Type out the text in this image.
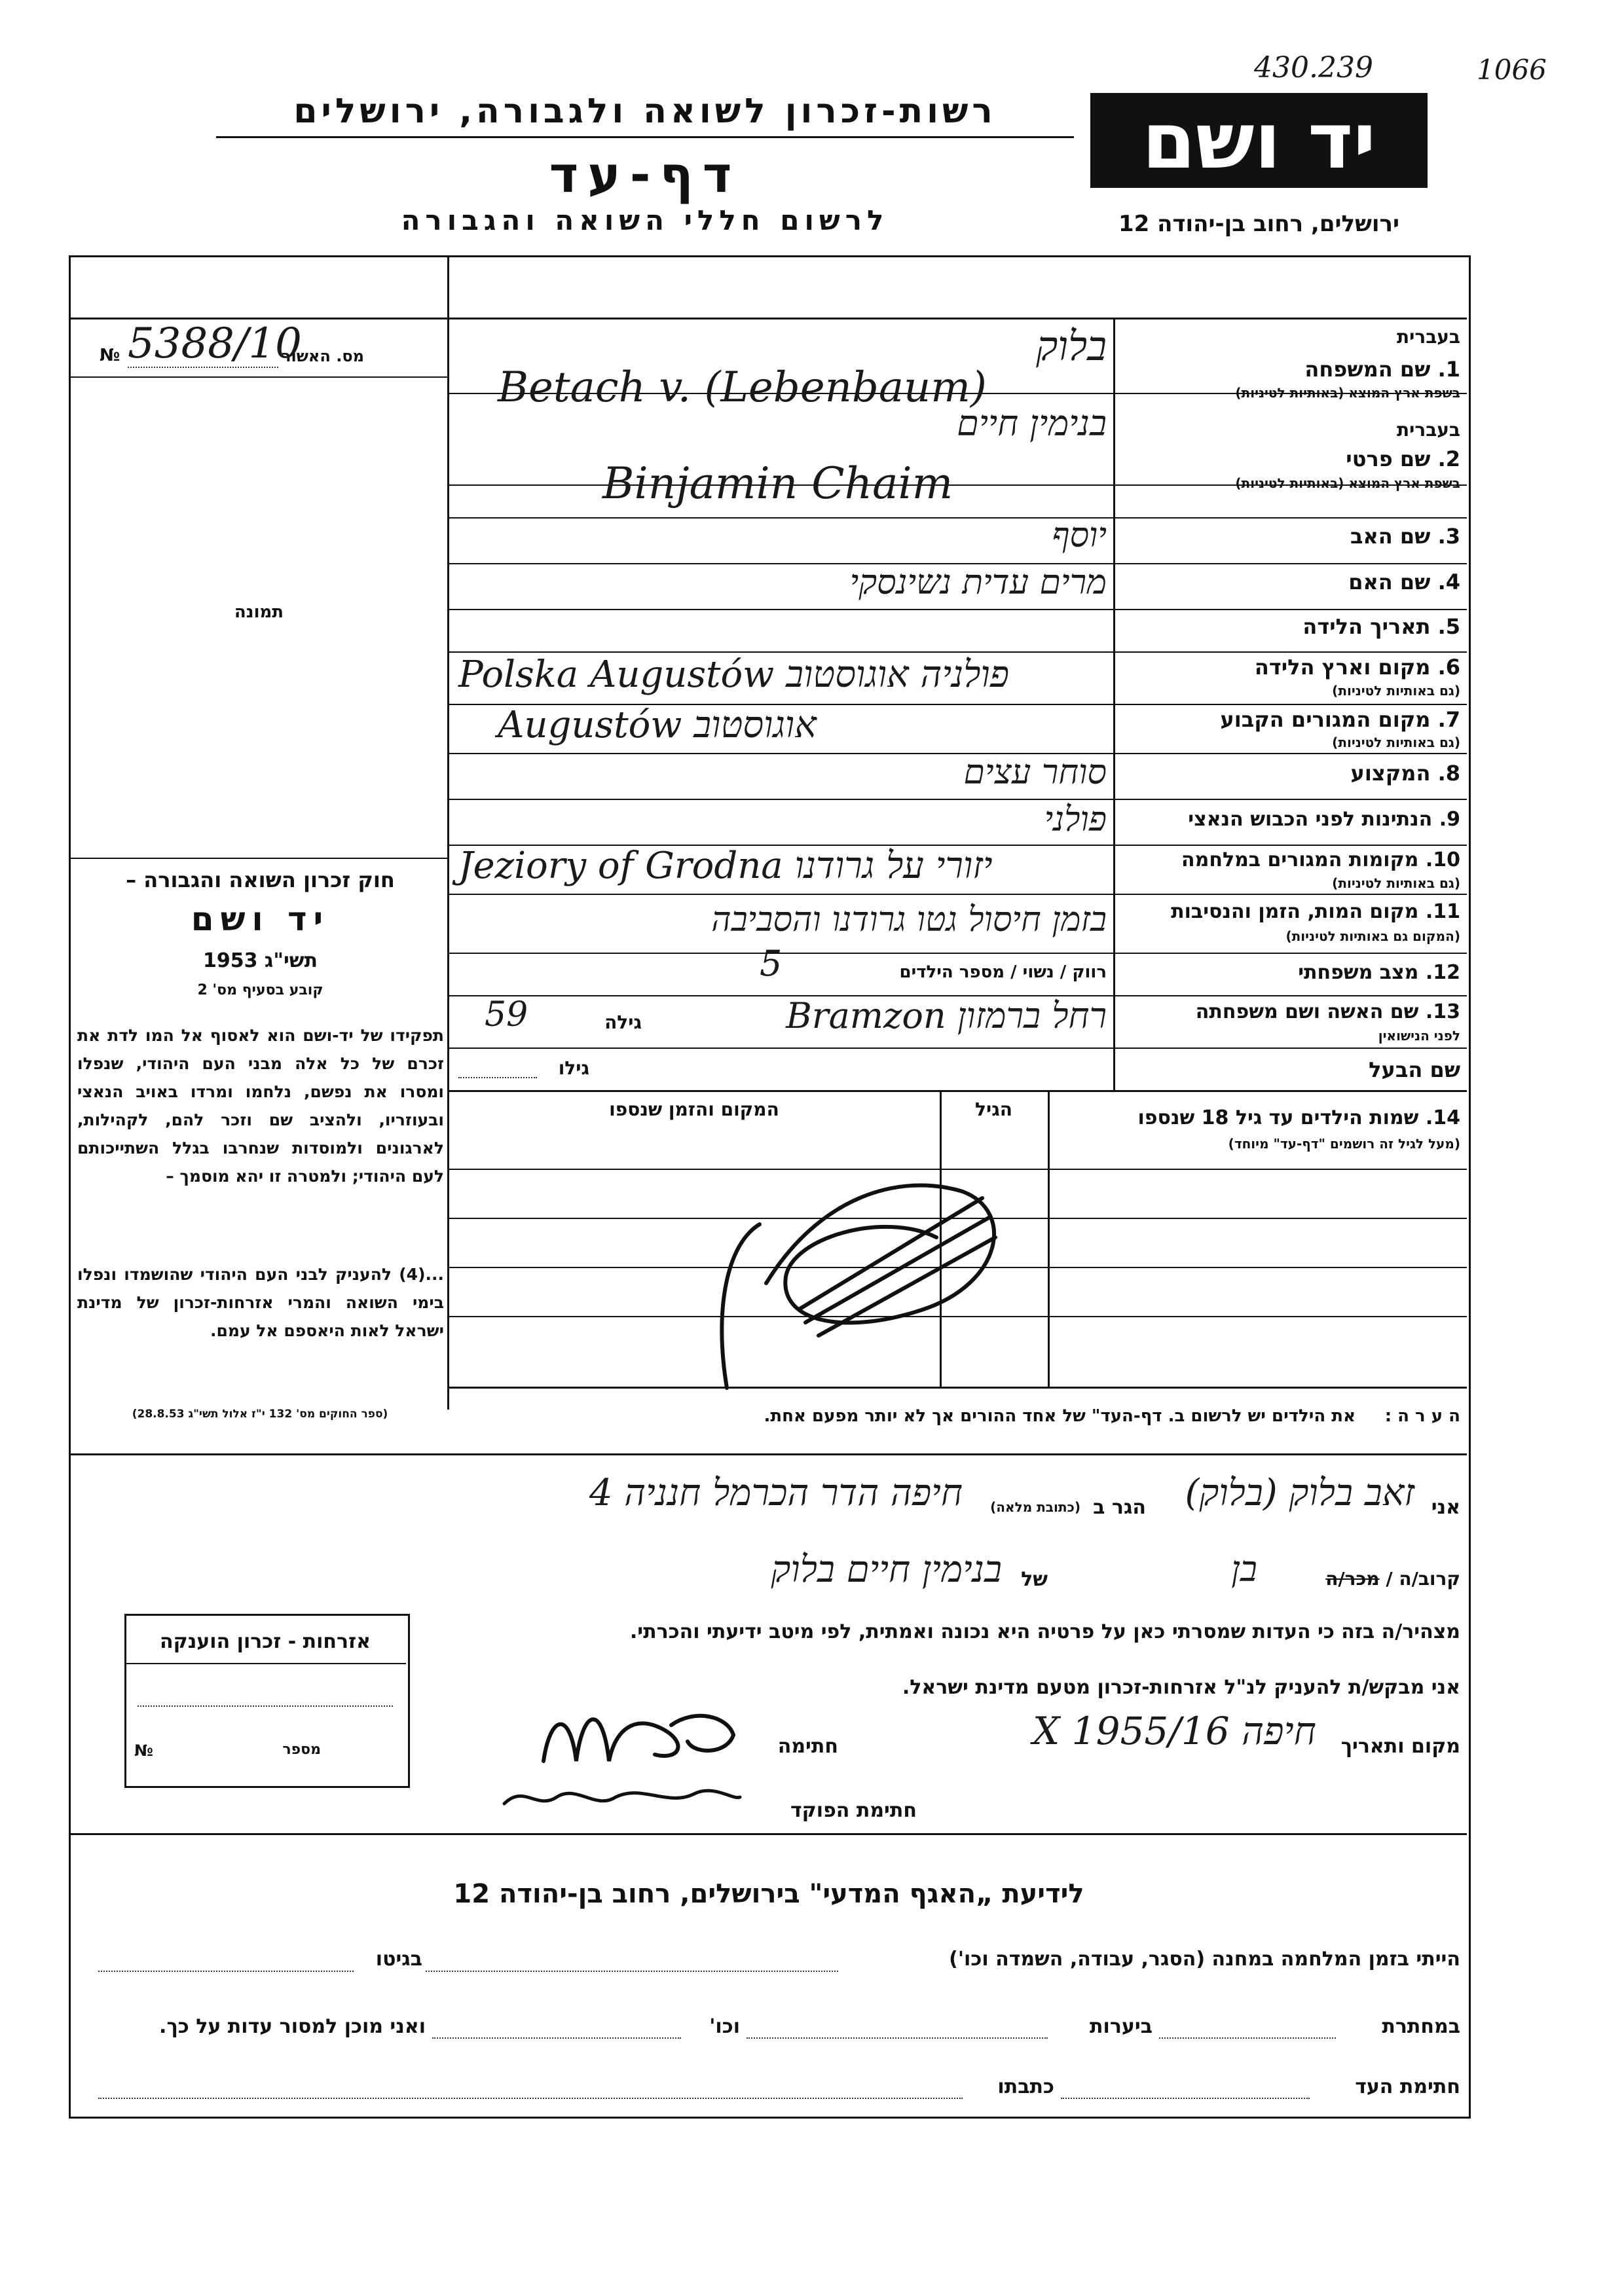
430.239	1066
רשות-זכרון לשואה ולגבורה, ירושלים
דף-עד
לרשום חללי השואה והגבורה
יד ושם
ירושלים, רחוב בן-יהודה 12
מס. האשור
№ 5388/10
תמונה
חוק זכרון השואה והגבורה –
יד ושם
תשי"ג 1953
קובע בסעיף מס' 2
תפקידו של יד-ושם הוא לאסוף אל המו לדת את זכרם של כל אלה מבני העם היהודי, שנפלו ומסרו את נפשם, נלחמו ומרדו באויב הנאצי ובעוזריו, ולהציב שם וזכר להם, לקהילות, לארגונים ולמוסדות שנחרבו בגלל השתייכותם לעם היהודי; ולמטרה זו יהא מוסמך –
...(4) להעניק לבני העם היהודי שהושמדו ונפלו בימי השואה והמרי אזרחות-זכרון של מדינת ישראל לאות היאספם אל עמם.
(ספר החוקים מס' 132 י"ז אלול תשי"ג 28.8.53)
בעברית
1. שם המשפחה
בשפת ארץ המוצא (באותיות לטיניות)
בלוק
Betach v. (Lebenbaum)
בעברית
2. שם פרטי
בשפת ארץ המוצא (באותיות לטיניות)
בנימין חיים
Binjamin Chaim
3. שם האב
יוסף
4. שם האם
מרים עדית נשינסקי
5. תאריך הלידה
6. מקום וארץ הלידה
(גם באותיות לטיניות)
Polska Augustów פולניה אוגוסטוב
7. מקום המגורים הקבוע
(גם באותיות לטיניות)
Augustów אוגוסטוב
8. המקצוע
סוחר עצים
9. הנתינות לפני הכבוש הנאצי
פולני
10. מקומות המגורים במלחמה
(גם באותיות לטיניות)
Jeziory of Grodna יזורי על גרודנו
11. מקום המות, הזמן והנסיבות
(המקום גם באותיות לטיניות)
בזמן חיסול גטו גרודנו והסביבה
12. מצב משפחתי
רווק / נשוי / מספר הילדים
5
13. שם האשה ושם משפחתה
לפני הנישואין
גילה
59	רחל ברמזון Bramzon
שם הבעל
גילו
14. שמות הילדים עד גיל 18 שנספו
(מעל לגיל זה רושמים "דף-עד" מיוחד)
הגיל
המקום והזמן שנספו
ה ע ר ה :
את הילדים יש לרשום ב. דף-העד" של אחד ההורים אך לא יותר מפעם אחת.
אני
זאב בלוק (בלוק)
הגר ב
(כתובת מלאה)
חיפה הדר הכרמל חנניה 4
קרוב/ה / מכר/ה
בן
של
בנימין חיים בלוק
מצהיר/ה בזה כי העדות שמסרתי כאן על פרטיה היא נכונה ואמתית, לפי מיטב ידיעתי והכרתי.
אני מבקש/ת להעניק לנ"ל אזרחות-זכרון מטעם מדינת ישראל.
מקום ותאריך
חיפה 16/X 1955
חתימה
חתימת הפוקד
אזרחות - זכרון הוענקה
מספר
№
לידיעת „האגף המדעי" בירושלים, רחוב בן-יהודה 12
הייתי בזמן המלחמה במחנה (הסגר, עבודה, השמדה וכו')
בגיטו
במחתרת
ביערות
וכו'
ואני מוכן למסור עדות על כך.
חתימת העד
כתבתו
